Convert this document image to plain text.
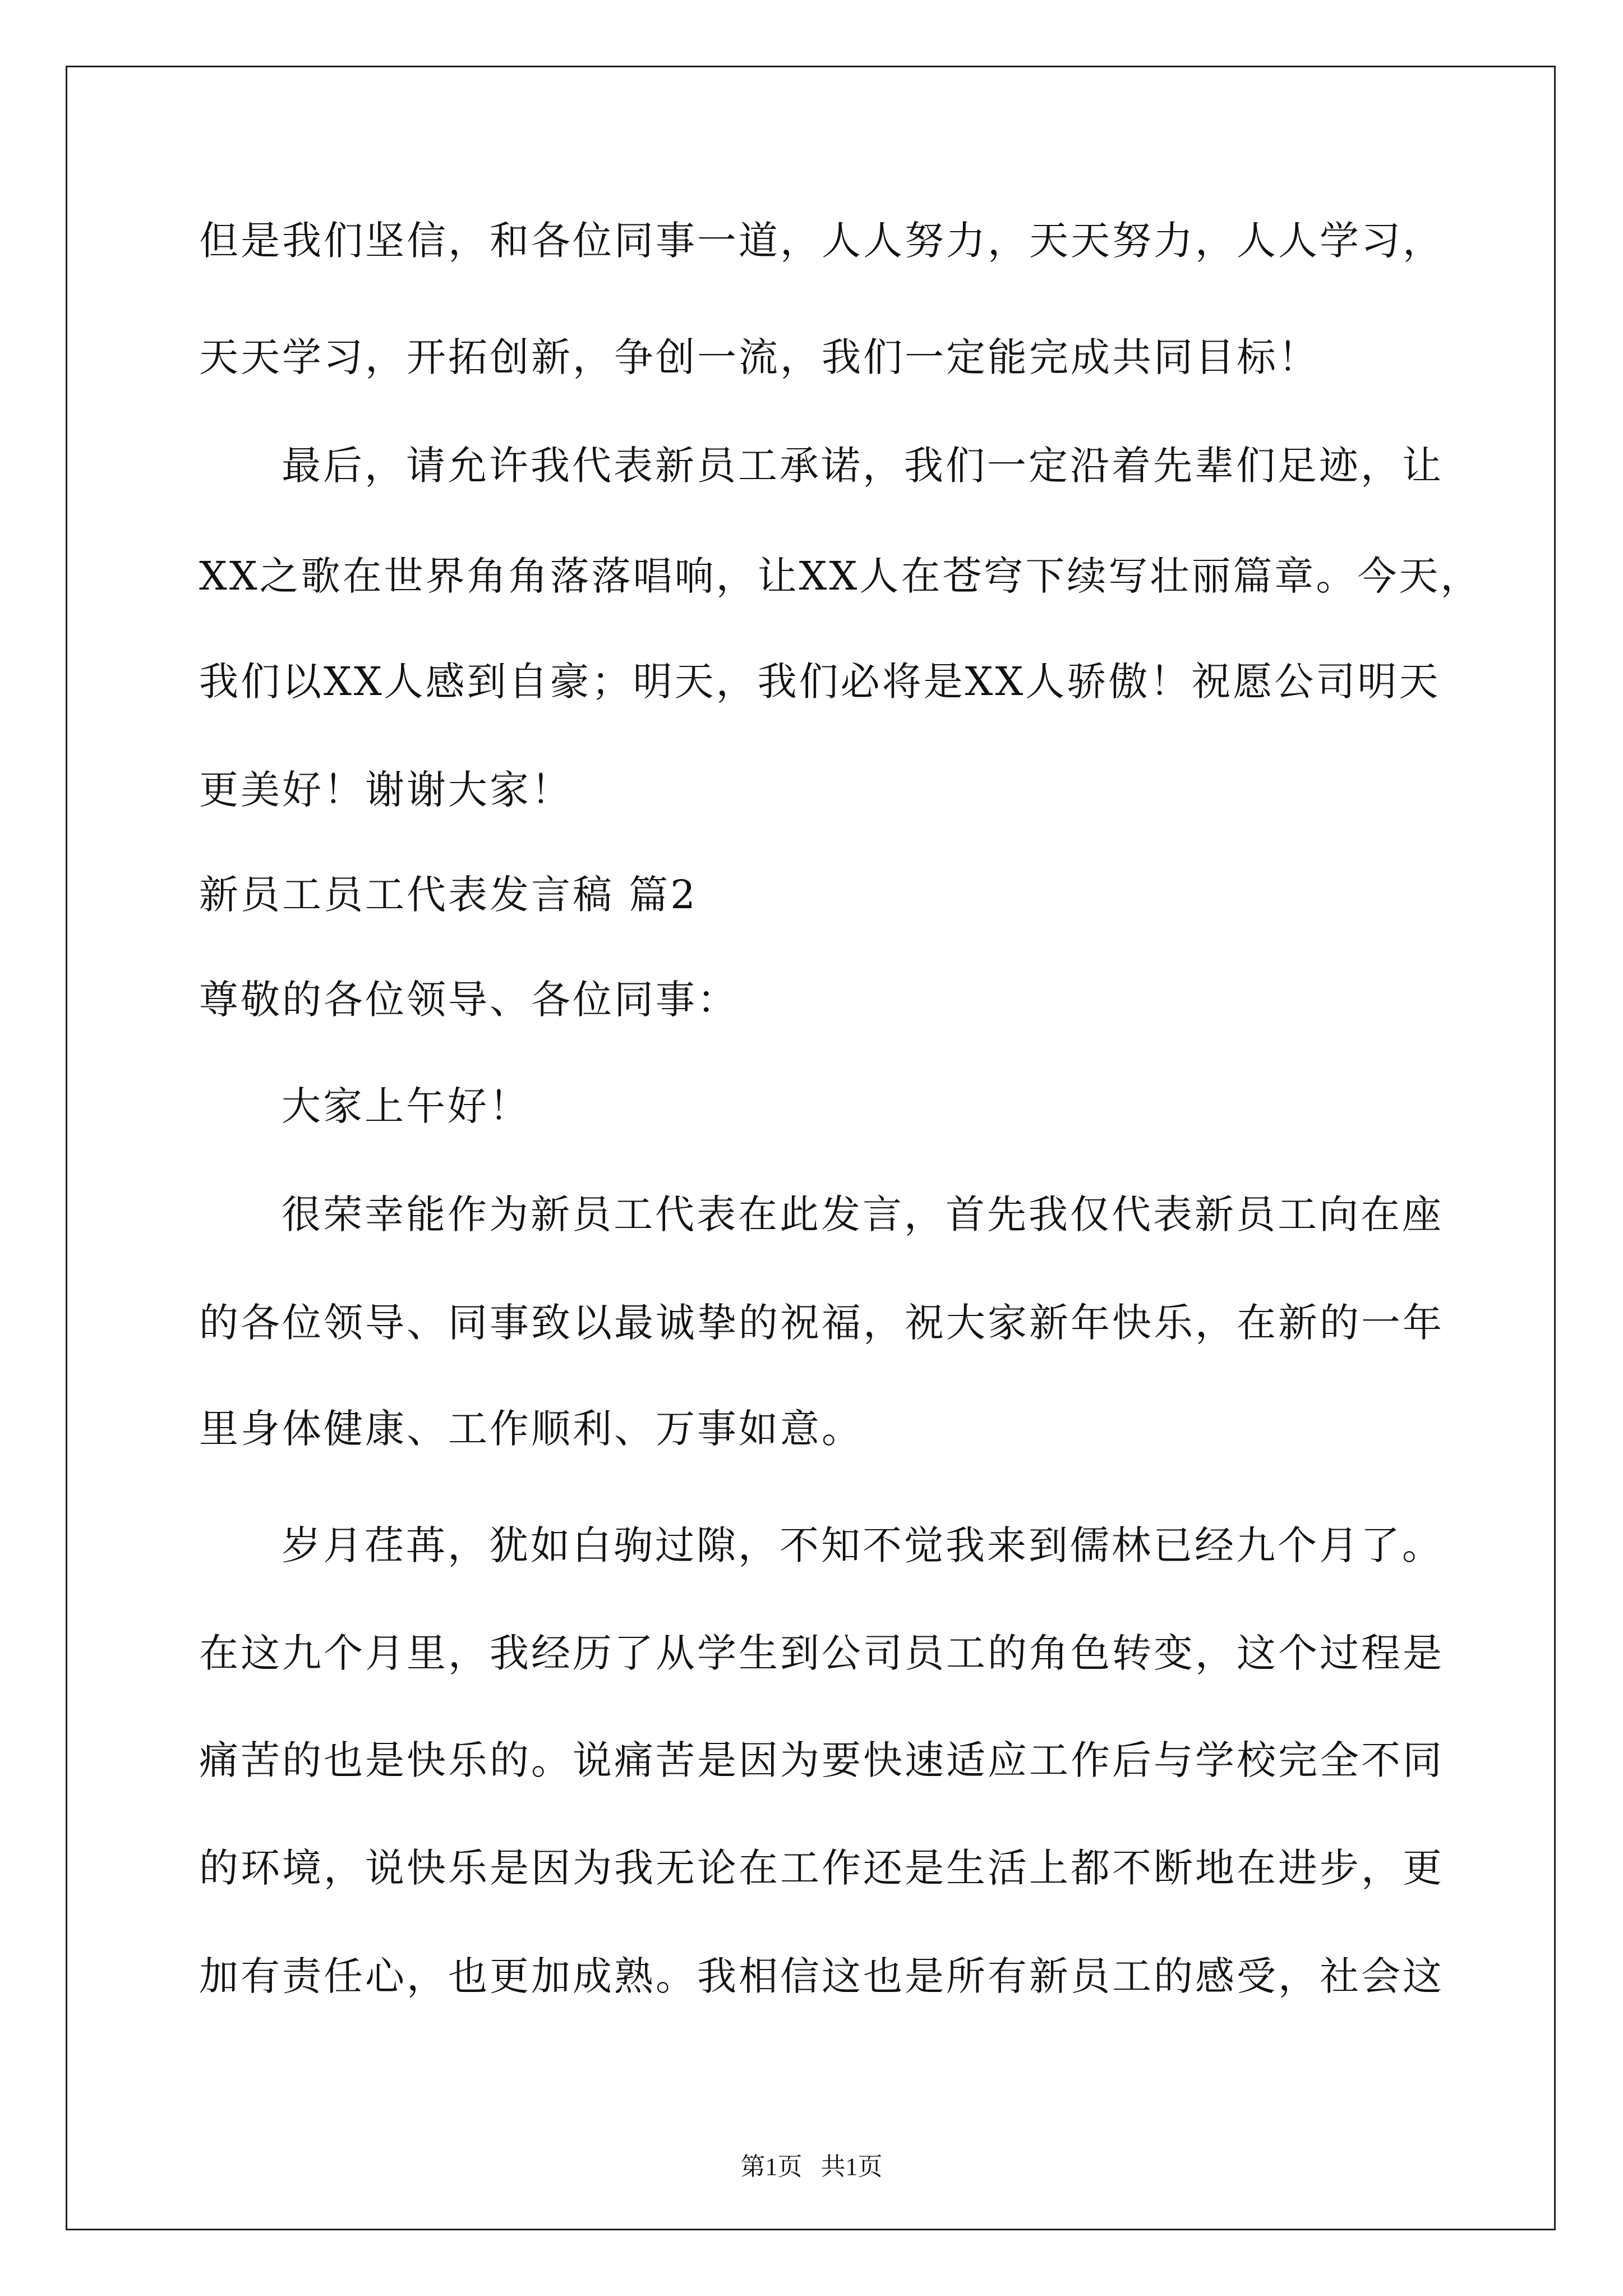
但是我们坚信，和各位同事一道，人人努力，天天努力，人人学习，
天天学习，开拓创新，争创一流，我们一定能完成共同目标！
最后，请允许我代表新员工承诺，我们一定沿着先辈们足迹，让
XX之歌在世界角角落落唱响，让XX人在苍穹下续写壮丽篇章。今天，
我们以XX人感到自豪；明天，我们必将是XX人骄傲！祝愿公司明天
更美好！谢谢大家！
新员工员工代表发言稿 篇2
尊敬的各位领导、各位同事：
大家上午好！
很荣幸能作为新员工代表在此发言，首先我仅代表新员工向在座
的各位领导、同事致以最诚挚的祝福，祝大家新年快乐，在新的一年
里身体健康、工作顺利、万事如意。
岁月荏苒，犹如白驹过隙，不知不觉我来到儒林已经九个月了。
在这九个月里，我经历了从学生到公司员工的角色转变，这个过程是
痛苦的也是快乐的。说痛苦是因为要快速适应工作后与学校完全不同
的环境，说快乐是因为我无论在工作还是生活上都不断地在进步，更
加有责任心，也更加成熟。我相信这也是所有新员工的感受，社会这
第1页   共1页
